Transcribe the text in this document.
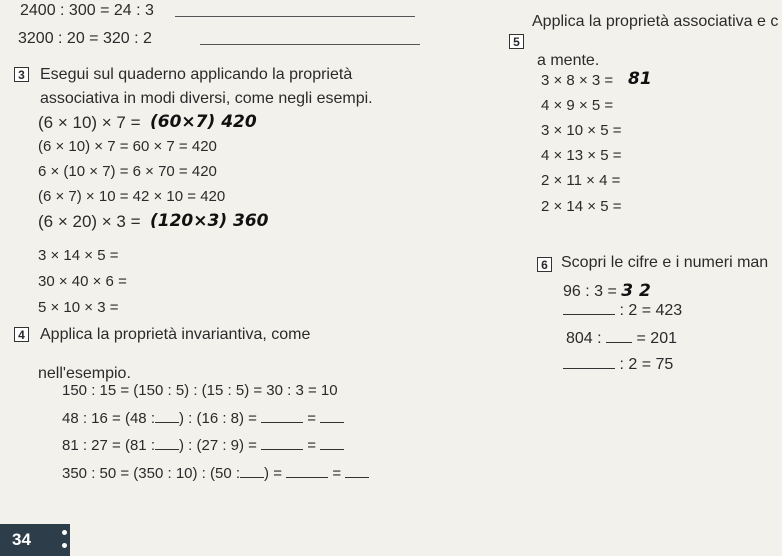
2400 : 300 = 24 : 3
3200 : 20 = 320 : 2
3 Esegui sul quaderno applicando la proprietà
associativa in modi diversi, come negli esempi.
(6 × 10) × 7 = (60×7) 420
(6 × 10) × 7 = 60 × 7 = 420
6 × (10 × 7) = 6 × 70 = 420
(6 × 7) × 10 = 42 × 10 = 420
(6 × 20) × 3 = (120×3) 360
3 × 14 × 5 =
30 × 40 × 6 =
5 × 10 × 3 =
4 Applica la proprietà invariantiva, come
nell'esempio.
150 : 15 = (150 : 5) : (15 : 5) = 30 : 3 = 10
48 : 16 = (48 : ) : (16 : 8) =	=
81 : 27 = (81 : ) : (27 : 9) =	=
350 : 50 = (350 : 10) : (50 : ) =	=
5
Applica la proprietà associativa e c
a mente.
3 × 8 × 3 = 81
4 × 9 × 5 =
3 × 10 × 5 =
4 × 13 × 5 =
2 × 11 × 4 =
2 × 14 × 5 =
6 Scopri le cifre e i numeri man
96 : 3 = 3 2
: 2 = 423
804 : = 201
: 2 = 75
34
